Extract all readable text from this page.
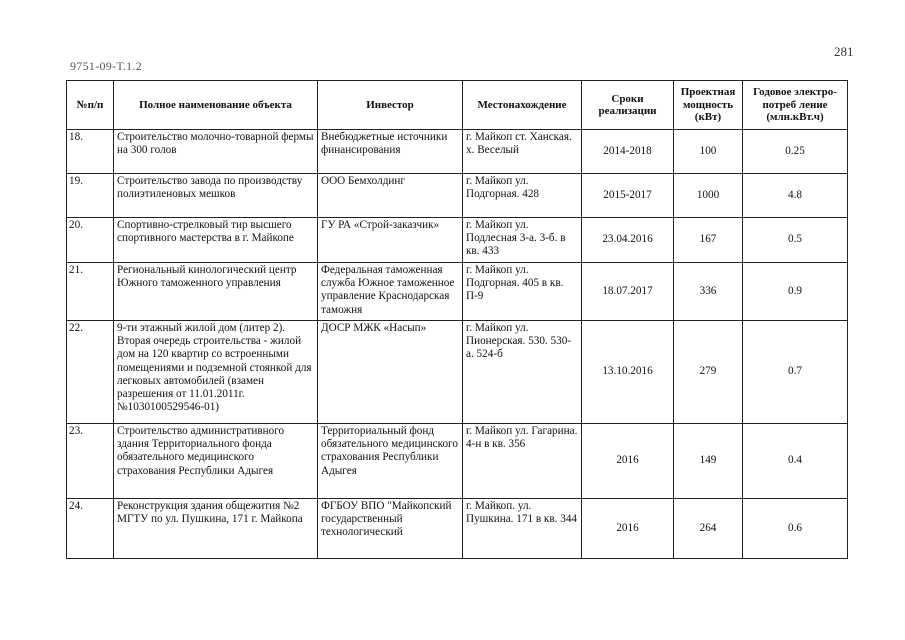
281
9751-09-Т.1.2
№п/п	Полное наименование объекта	Инвестор	Местонахождение	Сроки реализации	Проектная мощность (кВт)	Годовое электро-потреб ление (млн.кВт.ч)
18.	Строительство молочно-товарной фермы на 300 голов	Внебюджетные источники финансирования	г. Майкоп ст. Ханская. х. Веселый	2014-2018	100	0.25
19.	Строительство завода по производству полиэтиленовых мешков	ООО Бемхолдинг	г. Майкоп ул. Подгорная. 428	2015-2017	1000	4.8
20.	Спортивно-стрелковый тир высшего спортивного мастерства в г. Майкопе	ГУ РА «Строй-заказчик»	г. Майкоп ул. Подлесная 3-а. 3-б. в кв. 433	23.04.2016	167	0.5
21.	Региональный кинологический центр Южного таможенного управления	Федеральная таможенная служба Южное таможенное управление Краснодарская таможня	г. Майкоп ул. Подгорная. 405 в кв. П-9	18.07.2017	336	0.9
22.	9-ти этажный жилой дом (литер 2). Вторая очередь строительства - жилой дом на 120 квартир со встроенными помещениями и подземной стоянкой для легковых автомобилей (взамен разрешения от 11.01.2011г. №1030100529546-01)	ДОСР МЖК «Насып»	г. Майкоп ул. Пионерская. 530. 530-а. 524-б	13.10.2016	279	0.7
23.	Строительство административного здания Территориального фонда обязательного медицинского страхования Республики Адыгея	Территориальный фонд обязательного медицинского страхования Республики Адыгея	г. Майкоп ул. Гагарина. 4-н в кв. 356	2016	149	0.4
24.	Реконструкция здания общежития №2 МГТУ по ул. Пушкина, 171 г. Майкопа	ФГБОУ ВПО "Майкопский государственный технологический	г. Майкоп. ул. Пушкина. 171 в кв. 344	2016	264	0.6
